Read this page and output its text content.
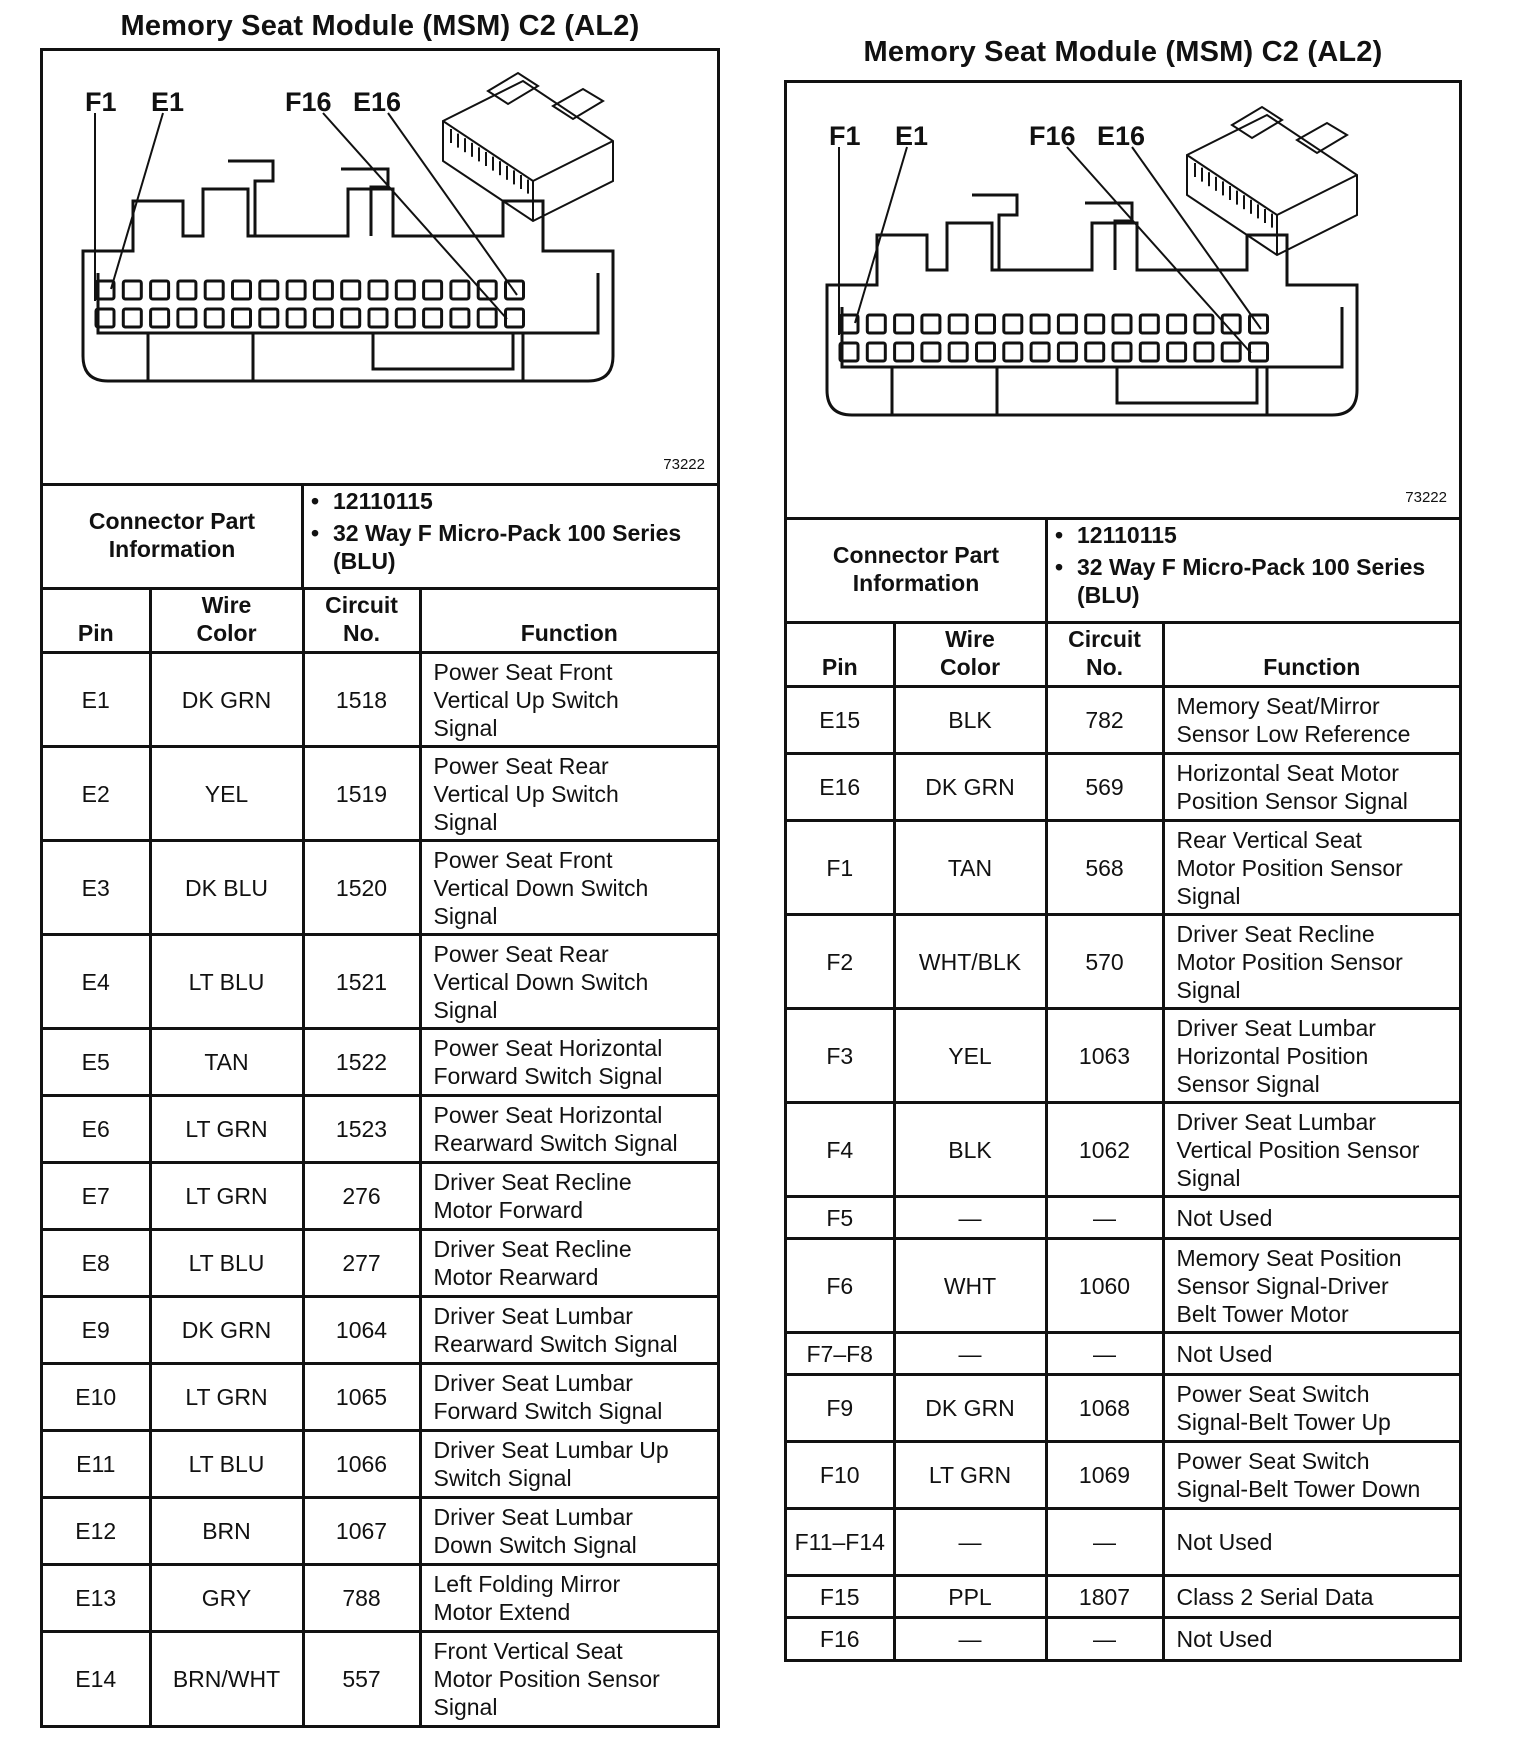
Memory Seat Module (MSM) C2 (AL2)
F1 E1	F16 E16
73222
Connector Part Information
• 12110115
• 32 Way F Micro-Pack 100 Series (BLU)
Pin	Wire Color	Circuit No.	Function
E1	DK GRN	1518	Power Seat Front Vertical Up Switch Signal

E2	YEL	1519	Power Seat Rear Vertical Up Switch Signal

E3	DK BLU	1520	Power Seat Front Vertical Down Switch Signal

E4	LT BLU	1521	Power Seat Rear Vertical Down Switch Signal

E5	TAN	1522	Power Seat Horizontal Forward Switch Signal

E6	LT GRN	1523	Power Seat Horizontal Rearward Switch Signal

E7	LT GRN	276	Driver Seat Recline Motor Forward

E8	LT BLU	277	Driver Seat Recline Motor Rearward

E9	DK GRN	1064	Driver Seat Lumbar Rearward Switch Signal

E10	LT GRN	1065	Driver Seat Lumbar Forward Switch Signal

E11	LT BLU	1066	Driver Seat Lumbar Up Switch Signal

E12	BRN	1067	Driver Seat Lumbar Down Switch Signal

E13	GRY	788	Left Folding Mirror Motor Extend

E14	BRN/WHT	557	Front Vertical Seat Motor Position Sensor Signal
Memory Seat Module (MSM) C2 (AL2)
F1 E1	F16 E16
73222
Connector Part Information
• 12110115
• 32 Way F Micro-Pack 100 Series (BLU)
Pin	Wire Color	Circuit No.	Function
E15	BLK	782	Memory Seat/Mirror Sensor Low Reference

E16	DK GRN	569	Horizontal Seat Motor Position Sensor Signal

F1	TAN	568	Rear Vertical Seat Motor Position Sensor Signal

F2	WHT/BLK	570	Driver Seat Recline Motor Position Sensor Signal

F3	YEL	1063	Driver Seat Lumbar Horizontal Position Sensor Signal

F4	BLK	1062	Driver Seat Lumbar Vertical Position Sensor Signal

F5	—	—	Not Used

F6	WHT	1060	Memory Seat Position Sensor Signal-Driver Belt Tower Motor

F7–F8	—	—	Not Used

F9	DK GRN	1068	Power Seat Switch Signal-Belt Tower Up

F10	LT GRN	1069	Power Seat Switch Signal-Belt Tower Down

F11–F14	—	—	Not Used

F15	PPL	1807	Class 2 Serial Data

F16	—	—	Not Used
